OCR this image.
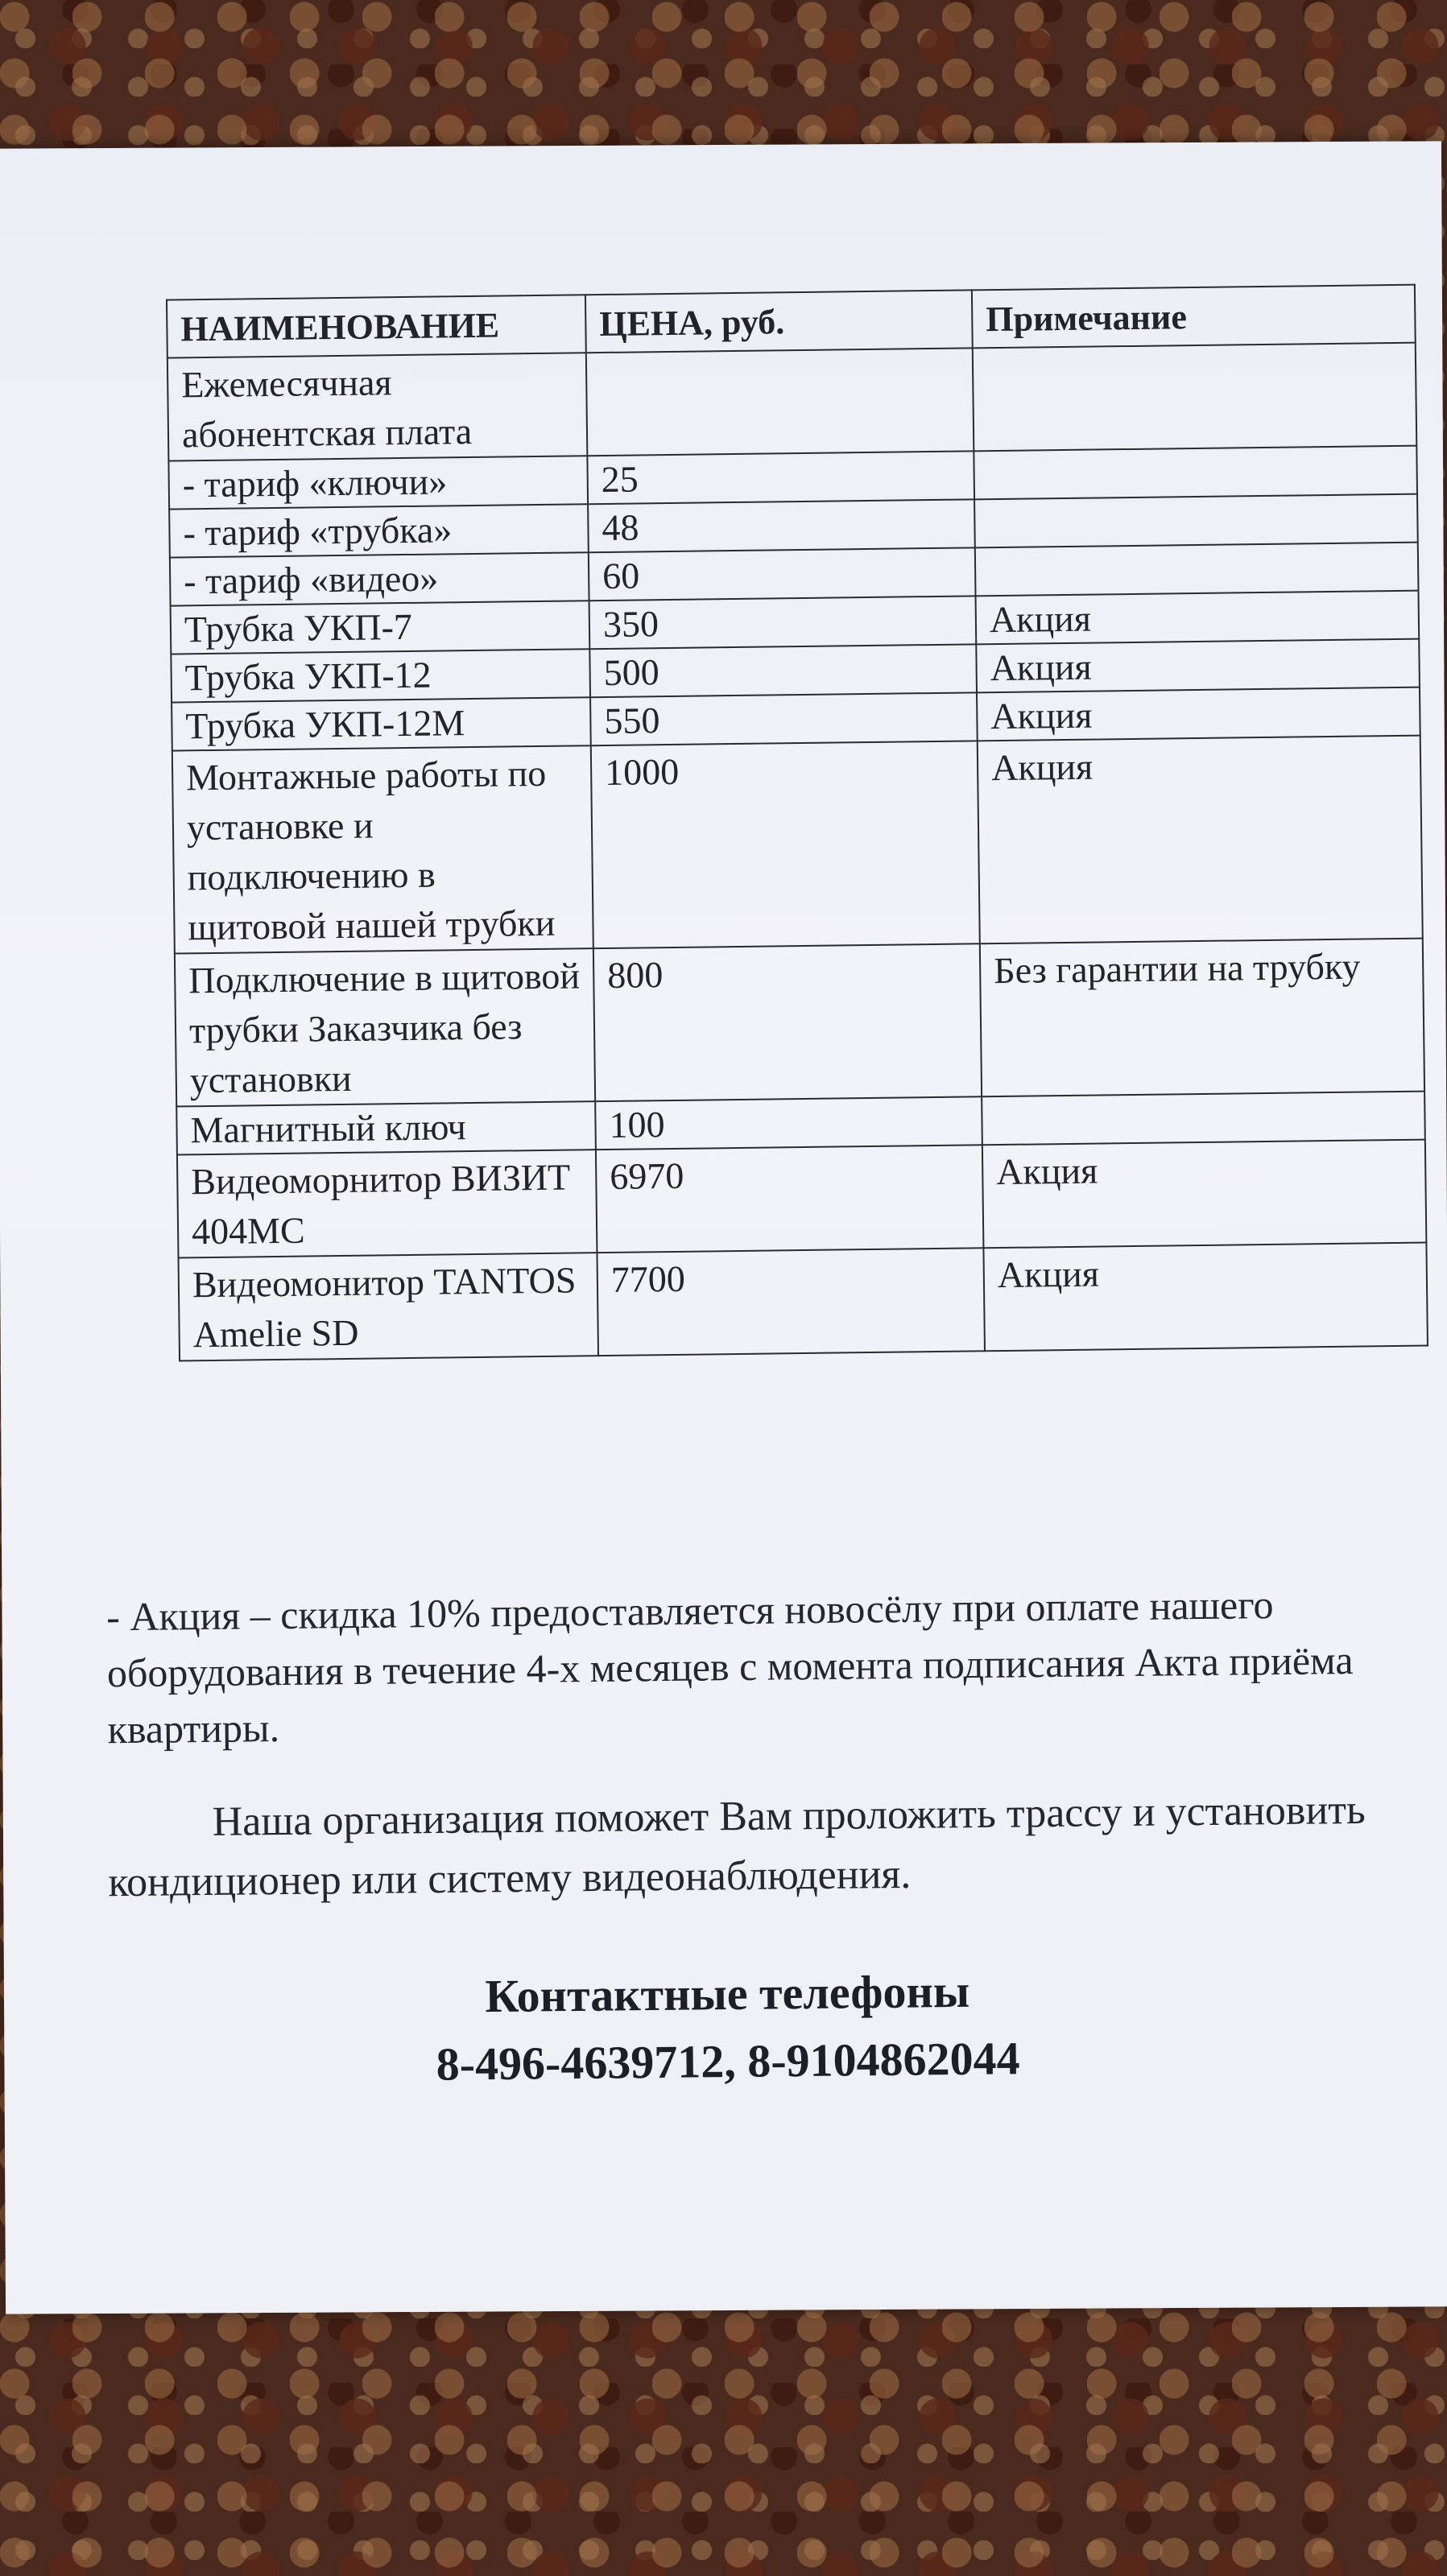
НАИМЕНОВАНИЕ	ЦЕНА, руб.	Примечание
Ежемесячная абонентская плата		
- тариф «ключи»	25	
- тариф «трубка»	48	
- тариф «видео»	60	
Трубка УКП-7	350	Акция
Трубка УКП-12	500	Акция
Трубка УКП-12М	550	Акция
Монтажные работы по установке и подключению в щитовой нашей трубки	1000	Акция
Подключение в щитовой трубки Заказчика без установки	800	Без гарантии на трубку
Магнитный ключ	100	
Видеоморнитор ВИЗИТ 404МС	6970	Акция
Видеомонитор TANTOS Amelie SD	7700	Акция
- Акция – скидка 10% предоставляется новосёлу при оплате нашего оборудования в течение 4-х месяцев с момента подписания Акта приёма квартиры.
Наша организация поможет Вам проложить трассу и установить кондиционер или систему видеонаблюдения.
Контактные телефоны
8-496-4639712, 8-9104862044
